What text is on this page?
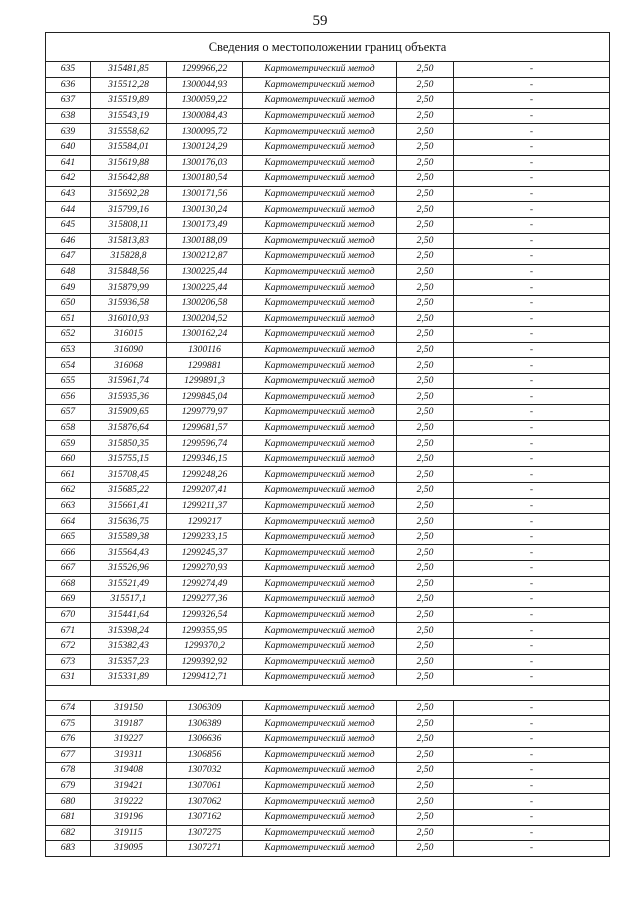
59
Сведения о местоположении границ объекта					
635	315481,85	1299966,22	Картометрический метод	2,50	-
636	315512,28	1300044,93	Картометрический метод	2,50	-
637	315519,89	1300059,22	Картометрический метод	2,50	-
638	315543,19	1300084,43	Картометрический метод	2,50	-
639	315558,62	1300095,72	Картометрический метод	2,50	-
640	315584,01	1300124,29	Картометрический метод	2,50	-
641	315619,88	1300176,03	Картометрический метод	2,50	-
642	315642,88	1300180,54	Картометрический метод	2,50	-
643	315692,28	1300171,56	Картометрический метод	2,50	-
644	315799,16	1300130,24	Картометрический метод	2,50	-
645	315808,11	1300173,49	Картометрический метод	2,50	-
646	315813,83	1300188,09	Картометрический метод	2,50	-
647	315828,8	1300212,87	Картометрический метод	2,50	-
648	315848,56	1300225,44	Картометрический метод	2,50	-
649	315879,99	1300225,44	Картометрический метод	2,50	-
650	315936,58	1300206,58	Картометрический метод	2,50	-
651	316010,93	1300204,52	Картометрический метод	2,50	-
652	316015	1300162,24	Картометрический метод	2,50	-
653	316090	1300116	Картометрический метод	2,50	-
654	316068	1299881	Картометрический метод	2,50	-
655	315961,74	1299891,3	Картометрический метод	2,50	-
656	315935,36	1299845,04	Картометрический метод	2,50	-
657	315909,65	1299779,97	Картометрический метод	2,50	-
658	315876,64	1299681,57	Картометрический метод	2,50	-
659	315850,35	1299596,74	Картометрический метод	2,50	-
660	315755,15	1299346,15	Картометрический метод	2,50	-
661	315708,45	1299248,26	Картометрический метод	2,50	-
662	315685,22	1299207,41	Картометрический метод	2,50	-
663	315661,41	1299211,37	Картометрический метод	2,50	-
664	315636,75	1299217	Картометрический метод	2,50	-
665	315589,38	1299233,15	Картометрический метод	2,50	-
666	315564,43	1299245,37	Картометрический метод	2,50	-
667	315526,96	1299270,93	Картометрический метод	2,50	-
668	315521,49	1299274,49	Картометрический метод	2,50	-
669	315517,1	1299277,36	Картометрический метод	2,50	-
670	315441,64	1299326,54	Картометрический метод	2,50	-
671	315398,24	1299355,95	Картометрический метод	2,50	-
672	315382,43	1299370,2	Картометрический метод	2,50	-
673	315357,23	1299392,92	Картометрический метод	2,50	-
631	315331,89	1299412,71	Картометрический метод	2,50	-

674	319150	1306309	Картометрический метод	2,50	-
675	319187	1306389	Картометрический метод	2,50	-
676	319227	1306636	Картометрический метод	2,50	-
677	319311	1306856	Картометрический метод	2,50	-
678	319408	1307032	Картометрический метод	2,50	-
679	319421	1307061	Картометрический метод	2,50	-
680	319222	1307062	Картометрический метод	2,50	-
681	319196	1307162	Картометрический метод	2,50	-
682	319115	1307275	Картометрический метод	2,50	-
683	319095	1307271	Картометрический метод	2,50	-
